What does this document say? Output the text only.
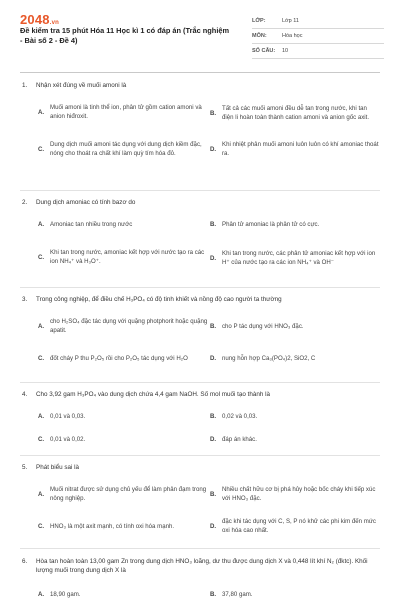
2048.vn
Đề kiểm tra 15 phút Hóa 11 Học kì 1 có đáp án (Trắc nghiệm - Bài số 2 - Đề 4)
LỚP:	Lớp 11
MÔN:	Hóa học
SỐ CÂU:	10
1.	Nhận xét đúng về muối amoni là
A.
Muối amoni là tinh thể ion, phân tử gồm cation amoni và anion hiđroxit.	B.
Tất cả các muối amoni đều dễ tan trong nước, khi tan điện li hoàn toàn thành cation amoni và anion gốc axit.
C.
Dung dịch muối amoni tác dụng với dung dịch kiềm đặc, nóng cho thoát ra chất khí làm quỳ tím hóa đỏ.
D.
Khi nhiệt phân muối amoni luôn luôn có khí amoniac thoát ra.
2.	Dung dịch amoniac có tính bazơ do
A. Amoniac tan nhiều trong nước	B. Phân tử amoniac là phân tử có cực.
C.
Khi tan trong nước, amoniac kết hợp với nước tạo ra các ion NH₄⁺ và H₃O⁺.	D.
Khi tan trong nước, các phân tử amoniac kết hợp với ion H⁺ của nước tạo ra các ion NH₄⁺ và OH⁻
3.	Trong công nghiệp, để điều chế H₃PO₄ có độ tinh khiết và nồng độ cao người ta thường
A.
cho H₂SO₄ đặc tác dụng với quặng photphorit hoặc quặng apatit.
B. cho P tác dụng với HNO₃ đặc.
C. đốt cháy P thu P₂O₅ rồi cho P₂O₅ tác dụng với H₂O	D. nung hỗn hợp Ca₃(PO₄)2, SiO2, C
4.	Cho 3,92 gam H₃PO₄ vào dung dịch chứa 4,4 gam NaOH. Số mol muối tạo thành là
A. 0,01 và 0,03.	B. 0,02 và 0,03.
C. 0,01 và 0,02.	D. đáp án khác.
5.	Phát biểu sai là
A.
Muối nitrat được sử dụng chủ yếu để làm phân đạm trong nông nghiệp.
B.
Nhiều chất hữu cơ bị phá hủy hoặc bốc cháy khi tiếp xúc với HNO₃ đặc.
C. HNO₃ là một axit mạnh, có tính oxi hóa mạnh.	D.
đặc khi tác dụng với C, S, P nó khử các phi kim đến mức oxi hóa cao nhất.
6.	Hòa tan hoàn toàn 13,00 gam Zn trong dung dịch HNO₃ loãng, dư thu được dung dịch X và 0,448 lít khí N₂ (đktc). Khối lượng muối trong dung dịch X là
A. 18,90 gam.	B. 37,80 gam.
